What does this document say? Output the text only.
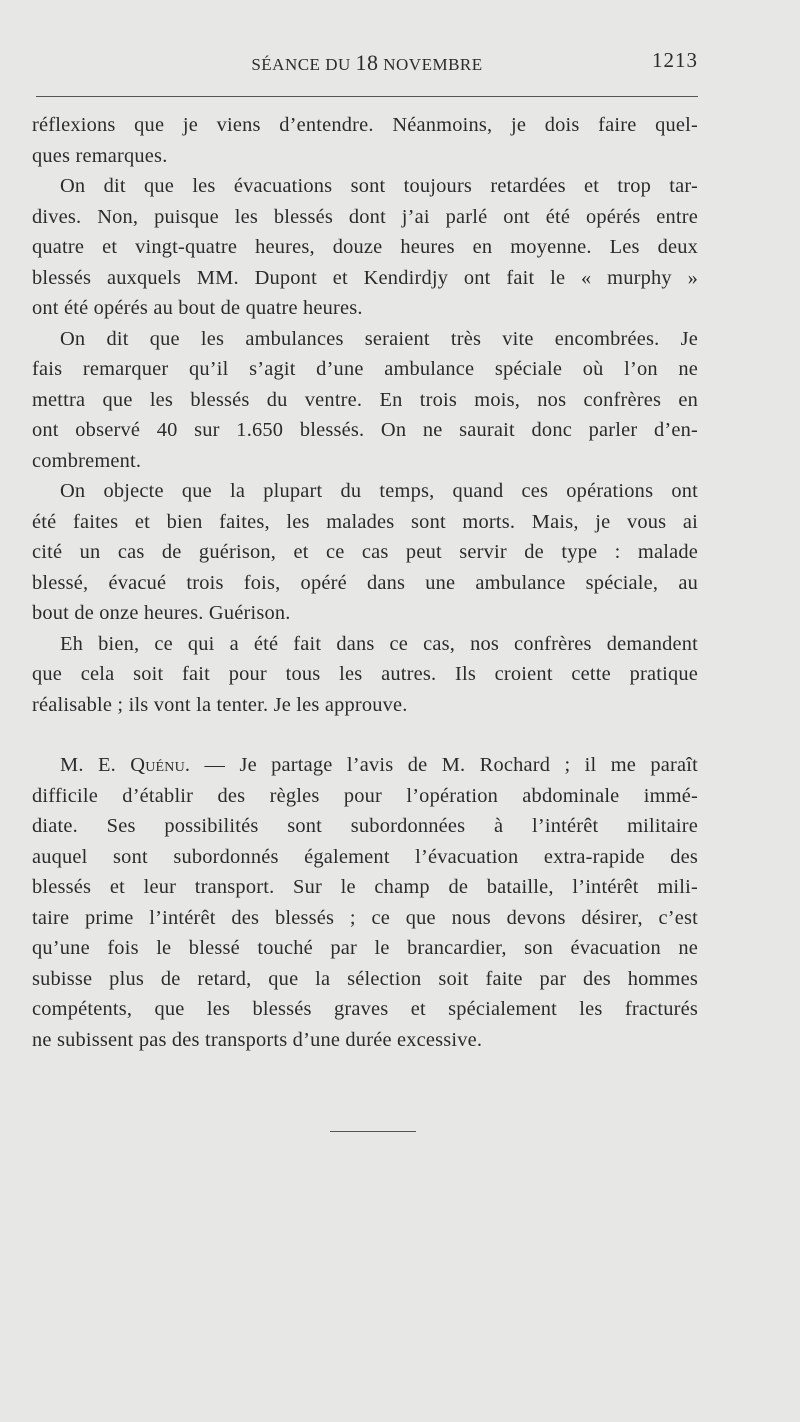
SÉANCE DU 18 NOVEMBRE	1213

réflexions que je viens d’entendre. Néanmoins, je dois faire quel-
ques remarques.

On dit que les évacuations sont toujours retardées et trop tar-
dives. Non, puisque les blessés dont j’ai parlé ont été opérés entre
quatre et vingt-quatre heures, douze heures en moyenne. Les deux
blessés auxquels MM. Dupont et Kendirdjy ont fait le « murphy »
ont été opérés au bout de quatre heures.

On dit que les ambulances seraient très vite encombrées. Je
fais remarquer qu’il s’agit d’une ambulance spéciale où l’on ne
mettra que les blessés du ventre. En trois mois, nos confrères en
ont observé 40 sur 1.650 blessés. On ne saurait donc parler d’en-
combrement.

On objecte que la plupart du temps, quand ces opérations ont
été faites et bien faites, les malades sont morts. Mais, je vous ai
cité un cas de guérison, et ce cas peut servir de type : malade
blessé, évacué trois fois, opéré dans une ambulance spéciale, au
bout de onze heures. Guérison.

Eh bien, ce qui a été fait dans ce cas, nos confrères demandent
que cela soit fait pour tous les autres. Ils croient cette pratique
réalisable ; ils vont la tenter. Je les approuve.

M. E. Quénu. — Je partage l’avis de M. Rochard ; il me paraît
difficile d’établir des règles pour l’opération abdominale immé-
diate. Ses possibilités sont subordonnées à l’intérêt militaire
auquel sont subordonnés également l’évacuation extra-rapide des
blessés et leur transport. Sur le champ de bataille, l’intérêt mili-
taire prime l’intérêt des blessés ; ce que nous devons désirer, c’est
qu’une fois le blessé touché par le brancardier, son évacuation ne
subisse plus de retard, que la sélection soit faite par des hommes
compétents, que les blessés graves et spécialement les fracturés
ne subissent pas des transports d’une durée excessive.
